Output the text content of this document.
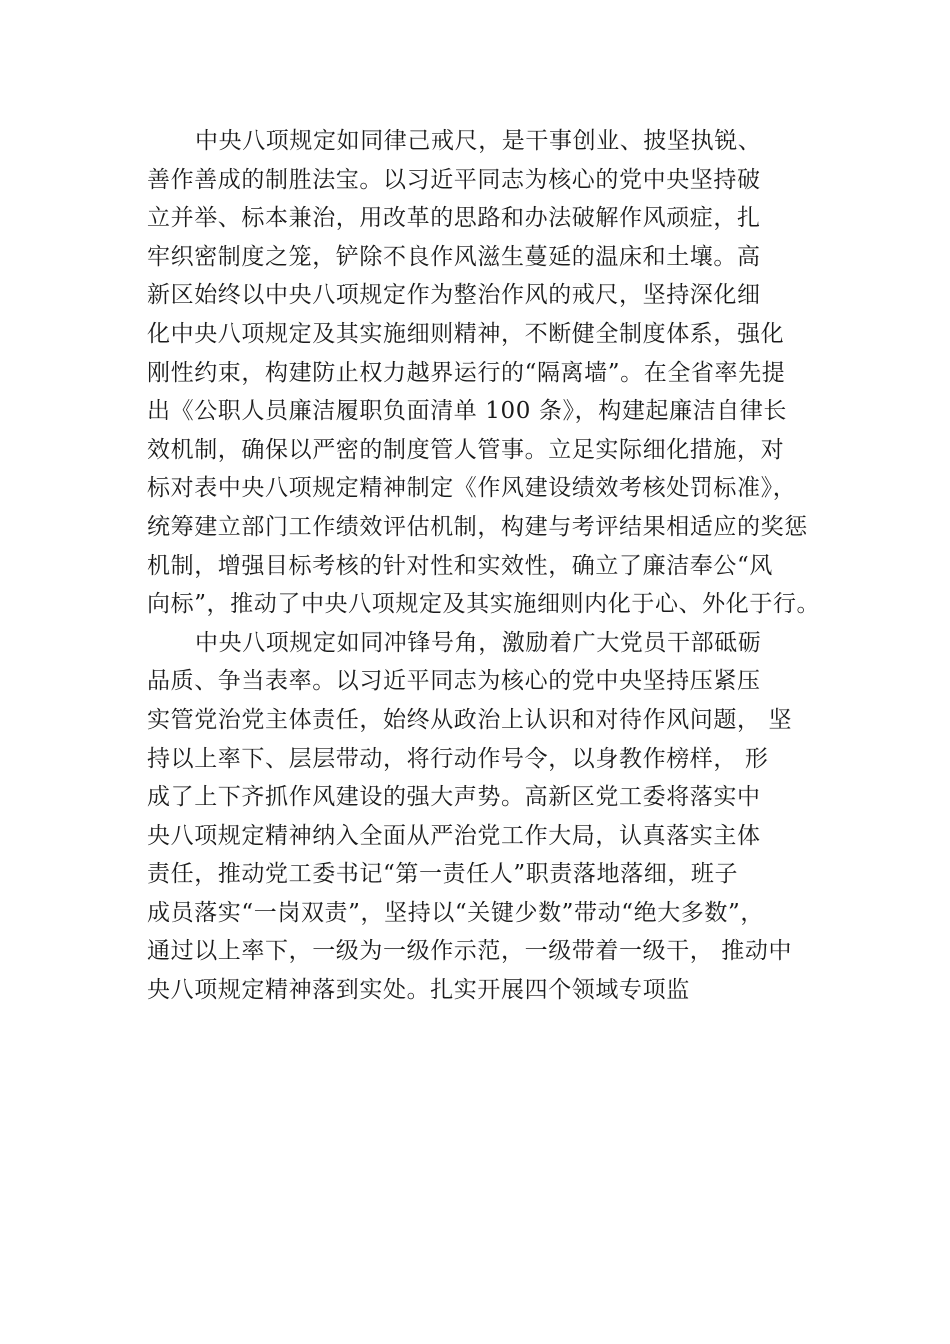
中央八项规定如同律己戒尺，是干事创业、披坚执锐、
善作善成的制胜法宝。以习近平同志为核心的党中央坚持破
立并举、标本兼治，用改革的思路和办法破解作风顽症，扎
牢织密制度之笼，铲除不良作风滋生蔓延的温床和土壤。高
新区始终以中央八项规定作为整治作风的戒尺，坚持深化细
化中央八项规定及其实施细则精神，不断健全制度体系，强化
刚性约束，构建防止权力越界运行的“隔离墙”。在全省率先提
出《公职人员廉洁履职负面清单 100 条》，构建起廉洁自律长
效机制，确保以严密的制度管人管事。立足实际细化措施，对
标对表中央八项规定精神制定《作风建设绩效考核处罚标准》，
统筹建立部门工作绩效评估机制，构建与考评结果相适应的奖惩
机制，增强目标考核的针对性和实效性，确立了廉洁奉公“风
向标”，推动了中央八项规定及其实施细则内化于心、外化于行。
中央八项规定如同冲锋号角，激励着广大党员干部砥砺
品质、争当表率。以习近平同志为核心的党中央坚持压紧压
实管党治党主体责任，始终从政治上认识和对待作风问题， 坚
持以上率下、层层带动，将行动作号令，以身教作榜样， 形
成了上下齐抓作风建设的强大声势。高新区党工委将落实中
央八项规定精神纳入全面从严治党工作大局，认真落实主体
责任，推动党工委书记“第一责任人”职责落地落细，班子
成员落实“一岗双责”，坚持以“关键少数”带动“绝大多数”，
通过以上率下，一级为一级作示范，一级带着一级干， 推动中
央八项规定精神落到实处。扎实开展四个领域专项监
